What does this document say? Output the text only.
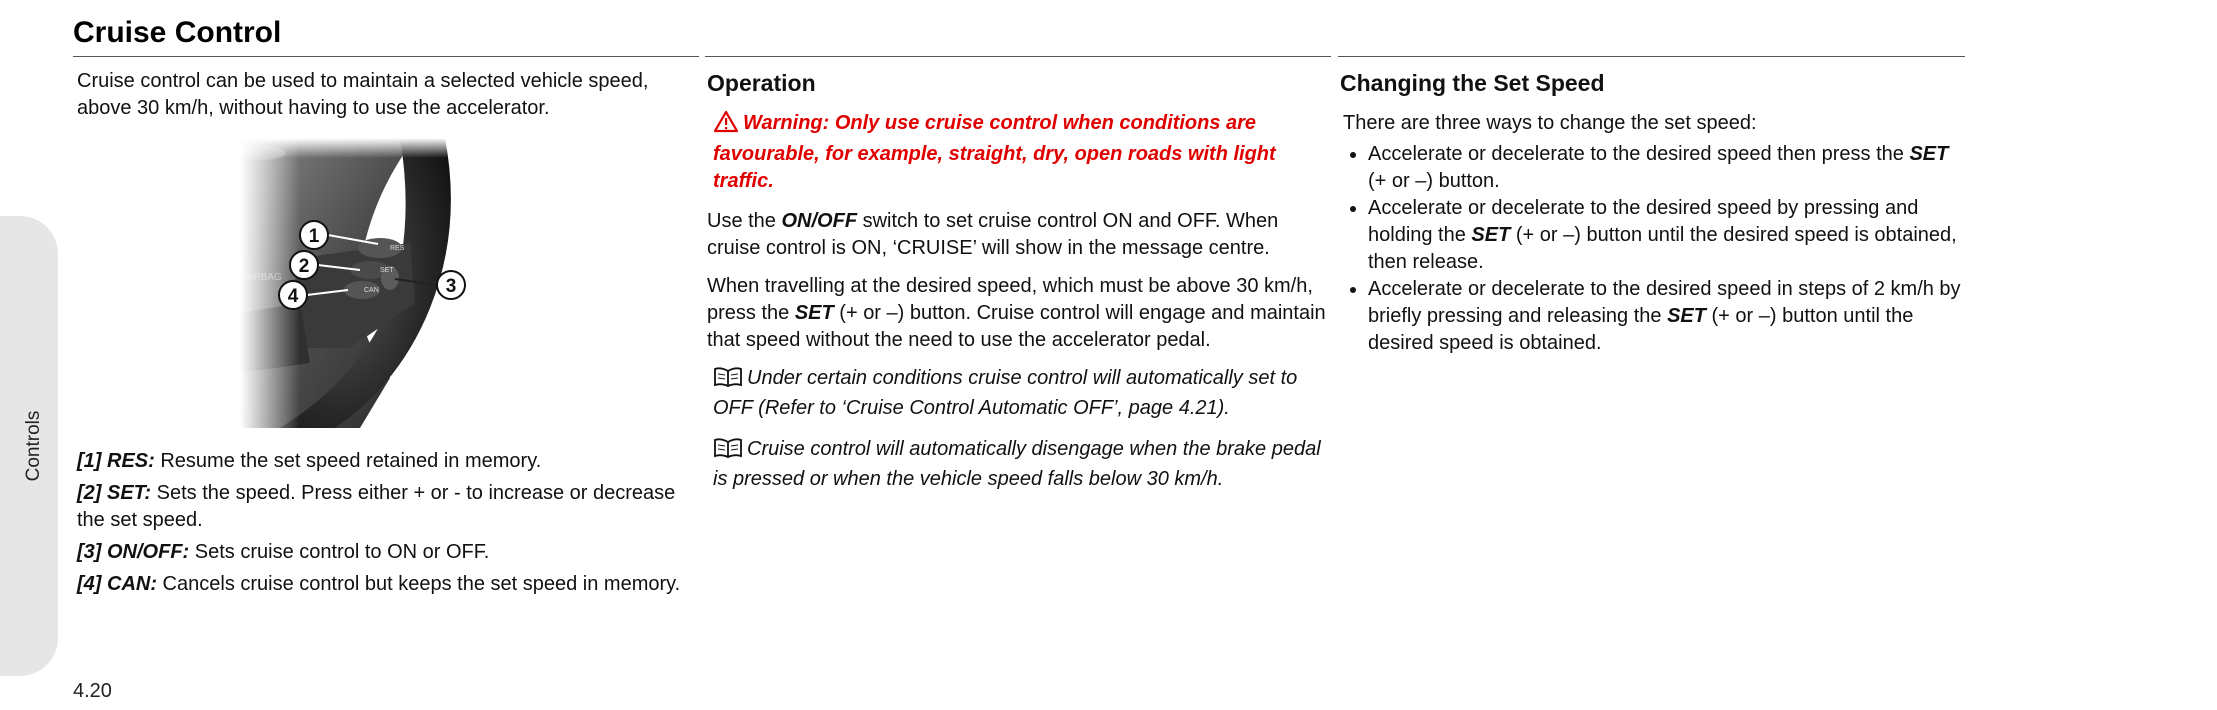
Controls
Cruise Control

Cruise control can be used to maintain a selected vehicle speed, above 30 km/h, without having to use the accelerator.

RES
SET
CAN
1
2
3
4

[1] RES: Resume the set speed retained in memory.

[2] SET: Sets the speed. Press either + or - to increase or decrease the set speed.

[3] ON/OFF: Sets cruise control to ON or OFF.

[4] CAN: Cancels cruise control but keeps the set speed in memory.

Operation
Warning: Only use cruise control when conditions are favourable, for example, straight, dry, open roads with light traffic.

Use the ON/OFF switch to set cruise control ON and OFF. When cruise control is ON, ‘CRUISE’ will show in the message centre.

When travelling at the desired speed, which must be above 30 km/h, press the SET (+ or –) button. Cruise control will engage and maintain that speed without the need to use the accelerator pedal.

Under certain conditions cruise control will automatically set to OFF (Refer to ‘Cruise Control Automatic OFF’, page 4.21).

Cruise control will automatically disengage when the brake pedal is pressed or when the vehicle speed falls below 30 km/h.

Changing the Set Speed

There are three ways to change the set speed:

• Accelerate or decelerate to the desired speed then press the SET (+ or –) button.
• Accelerate or decelerate to the desired speed by pressing and holding the SET (+ or –) button until the desired speed is obtained, then release.
• Accelerate or decelerate to the desired speed in steps of 2 km/h by briefly pressing and releasing the SET (+ or –) button until the desired speed is obtained.
4.20
